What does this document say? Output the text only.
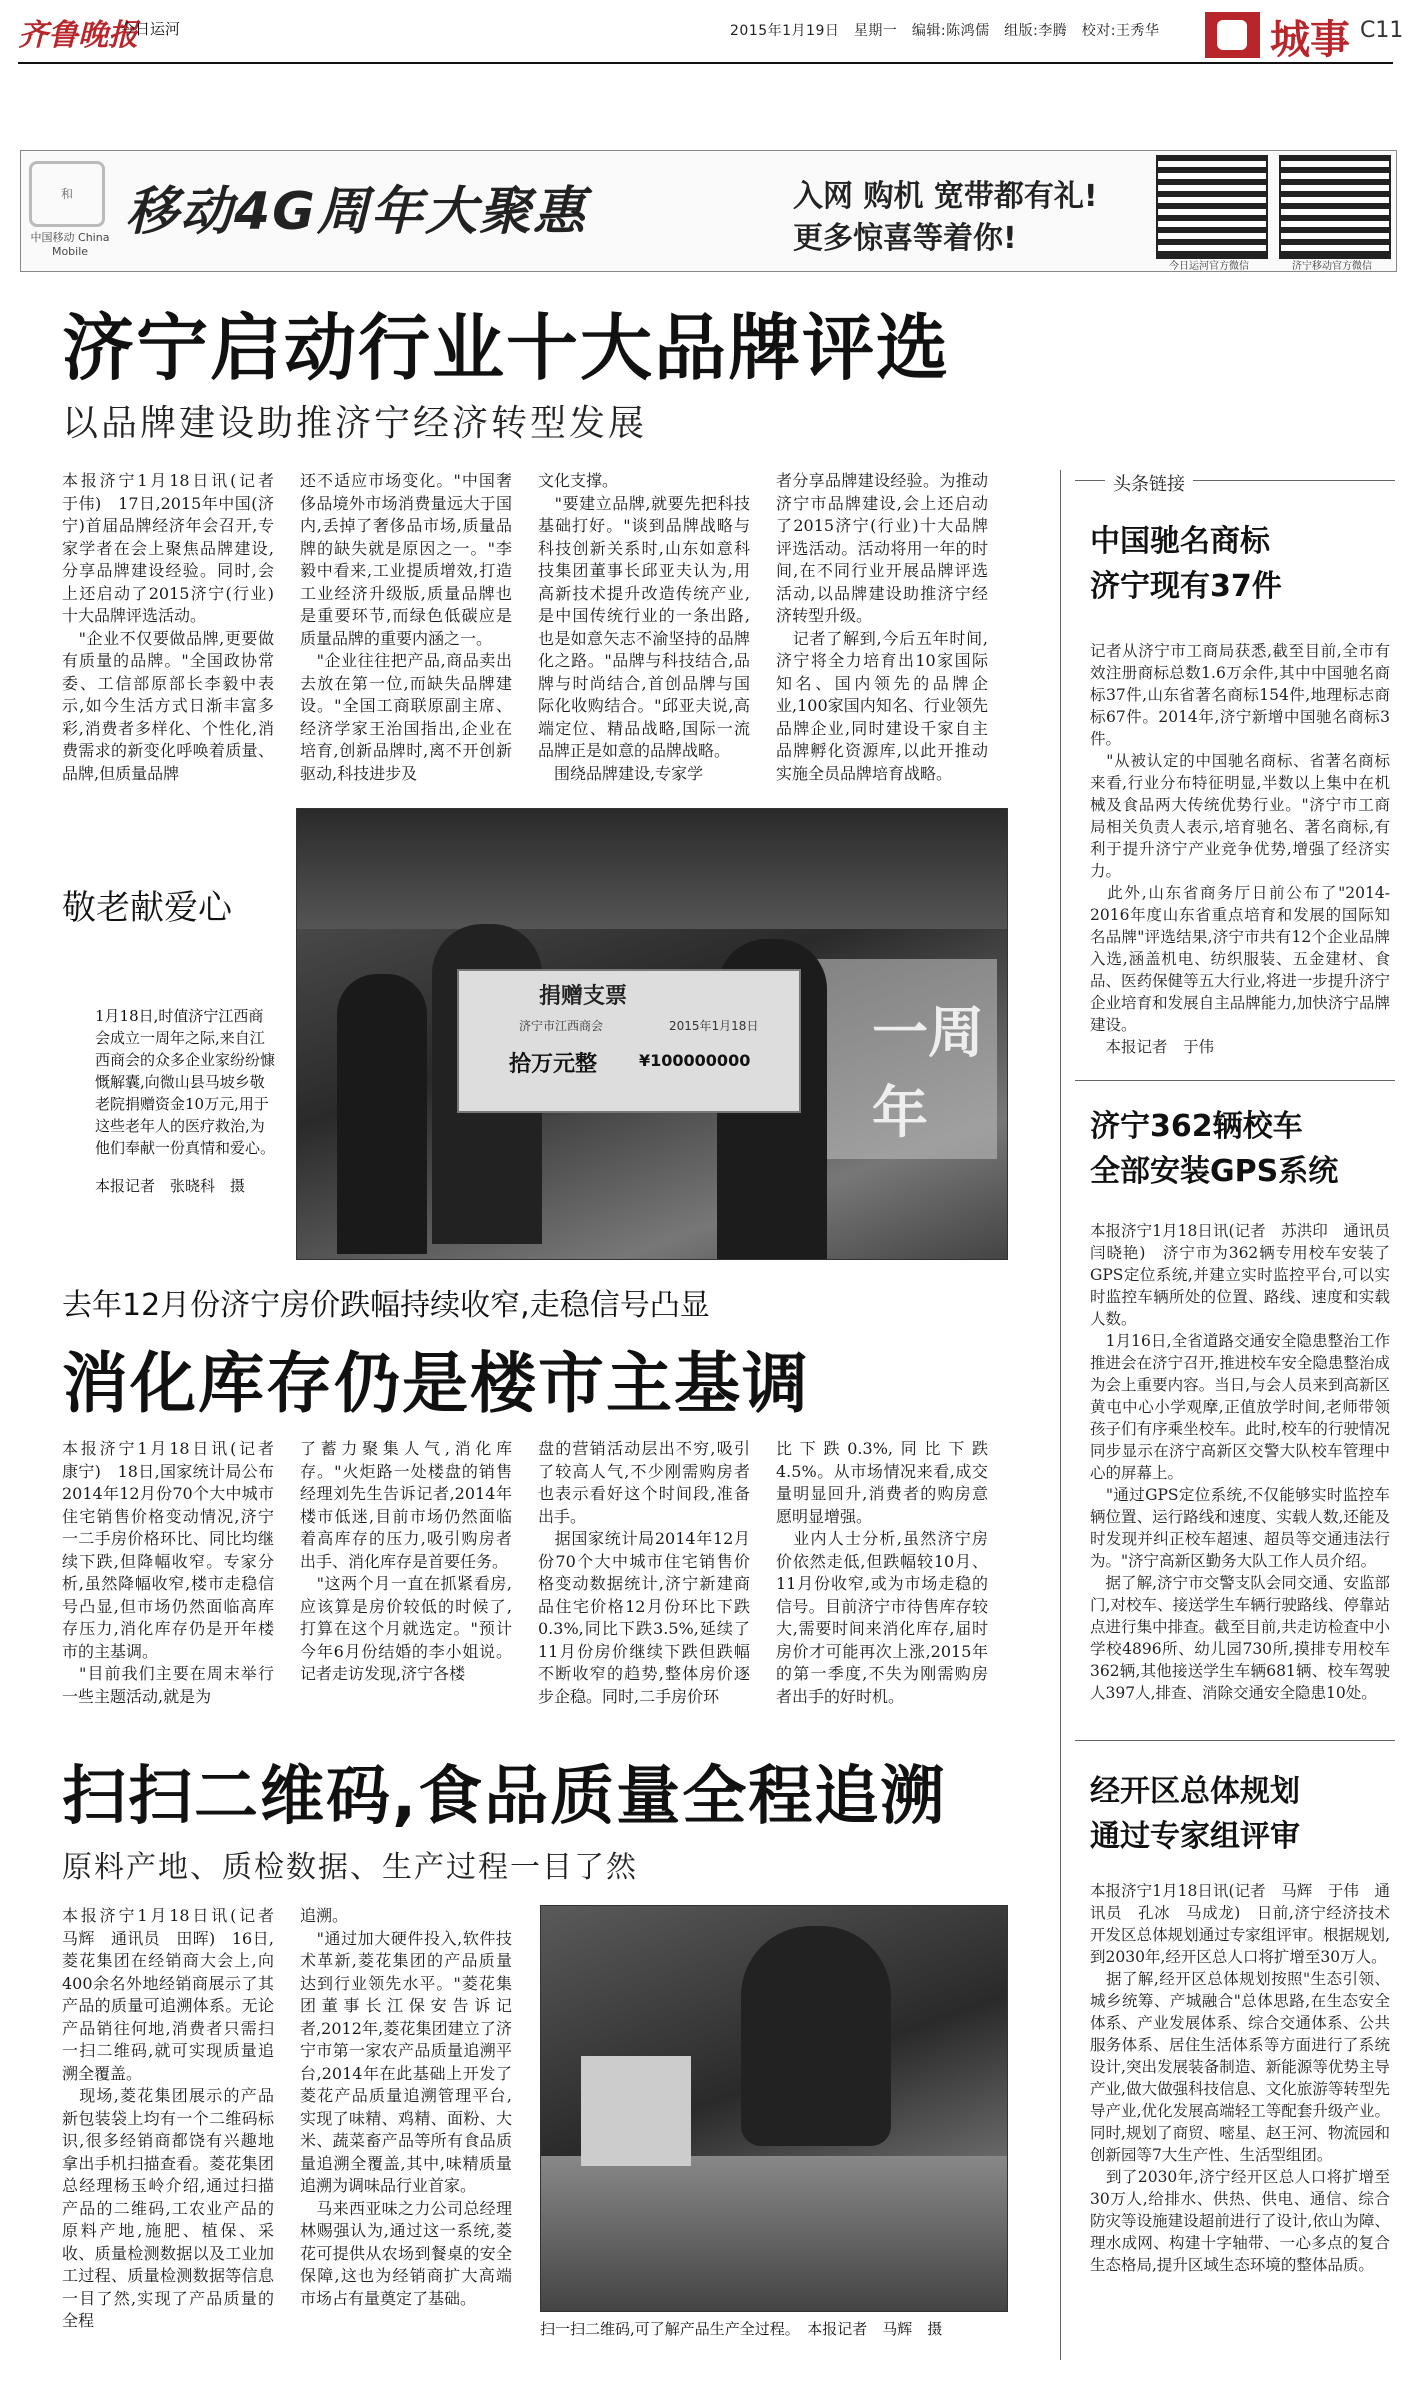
齐鲁晚报
今日运河	2015年1月19日　星期一　编辑:陈鸿儒　组版:李腾　校对:王秀华	城事 C11
和
中国移动 China Mobile
移动4G周年大聚惠	入网 购机 宽带都有礼!
更多惊喜等着你!
今日运河官方微信	济宁移动官方微信
济宁启动行业十大品牌评选
以品牌建设助推济宁经济转型发展
本报济宁1月18日讯(记者　于伟)　17日,2015年中国(济宁)首届品牌经济年会召开,专家学者在会上聚焦品牌建设,分享品牌建设经验。同时,会上还启动了2015济宁(行业)十大品牌评选活动。
　"企业不仅要做品牌,更要做有质量的品牌。"全国政协常委、工信部原部长李毅中表示,如今生活方式日渐丰富多彩,消费者多样化、个性化,消费需求的新变化呼唤着质量、品牌,但质量品牌
还不适应市场变化。"中国奢侈品境外市场消费量远大于国内,丢掉了奢侈品市场,质量品牌的缺失就是原因之一。"李毅中看来,工业提质增效,打造工业经济升级版,质量品牌也是重要环节,而绿色低碳应是质量品牌的重要内涵之一。
　"企业往往把产品,商品卖出去放在第一位,而缺失品牌建设。"全国工商联原副主席、经济学家王治国指出,企业在培育,创新品牌时,离不开创新驱动,科技进步及
文化支撑。
　"要建立品牌,就要先把科技基础打好。"谈到品牌战略与科技创新关系时,山东如意科技集团董事长邱亚夫认为,用高新技术提升改造传统产业,是中国传统行业的一条出路,也是如意矢志不渝坚持的品牌化之路。"品牌与科技结合,品牌与时尚结合,首创品牌与国际化收购结合。"邱亚夫说,高端定位、精品战略,国际一流品牌正是如意的品牌战略。
　围绕品牌建设,专家学
者分享品牌建设经验。为推动济宁市品牌建设,会上还启动了2015济宁(行业)十大品牌评选活动。活动将用一年的时间,在不同行业开展品牌评选活动,以品牌建设助推济宁经济转型升级。
　记者了解到,今后五年时间,济宁将全力培育出10家国际知名、国内领先的品牌企业,100家国内知名、行业领先品牌企业,同时建设千家自主品牌孵化资源库,以此开推动实施全员品牌培育战略。
敬老献爱心
1月18日,时值济宁江西商会成立一周年之际,来自江西商会的众多企业家纷纷慷慨解囊,向微山县马坡乡敬老院捐赠资金10万元,用于这些老年人的医疗救治,为他们奉献一份真情和爱心。
本报记者　张晓科　摄
一周年
捐赠支票
济宁市江西商会	2015年1月18日
拾万元整	¥100000000
去年12月份济宁房价跌幅持续收窄,走稳信号凸显
消化库存仍是楼市主基调
本报济宁1月18日讯(记者　康宁)　18日,国家统计局公布2014年12月份70个大中城市住宅销售价格变动情况,济宁一二手房价格环比、同比均继续下跌,但降幅收窄。专家分析,虽然降幅收窄,楼市走稳信号凸显,但市场仍然面临高库存压力,消化库存仍是开年楼市的主基调。
　"目前我们主要在周末举行一些主题活动,就是为
了蓄力聚集人气,消化库存。"火炬路一处楼盘的销售经理刘先生告诉记者,2014年楼市低迷,目前市场仍然面临着高库存的压力,吸引购房者出手、消化库存是首要任务。
　"这两个月一直在抓紧看房,应该算是房价较低的时候了,打算在这个月就选定。"预计今年6月份结婚的李小姐说。记者走访发现,济宁各楼
盘的营销活动层出不穷,吸引了较高人气,不少刚需购房者也表示看好这个时间段,准备出手。
　据国家统计局2014年12月份70个大中城市住宅销售价格变动数据统计,济宁新建商品住宅价格12月份环比下跌0.3%,同比下跌3.5%,延续了11月份房价继续下跌但跌幅不断收窄的趋势,整体房价逐步企稳。同时,二手房价环
比下跌0.3%,同比下跌4.5%。从市场情况来看,成交量明显回升,消费者的购房意愿明显增强。
　业内人士分析,虽然济宁房价依然走低,但跌幅较10月、11月份收窄,或为市场走稳的信号。目前济宁市待售库存较大,需要时间来消化库存,届时房价才可能再次上涨,2015年的第一季度,不失为刚需购房者出手的好时机。
扫扫二维码,食品质量全程追溯
原料产地、质检数据、生产过程一目了然
本报济宁1月18日讯(记者　马辉　通讯员　田晖)　16日,菱花集团在经销商大会上,向400余名外地经销商展示了其产品的质量可追溯体系。无论产品销往何地,消费者只需扫一扫二维码,就可实现质量追溯全覆盖。
　现场,菱花集团展示的产品新包装袋上均有一个二维码标识,很多经销商都饶有兴趣地拿出手机扫描查看。菱花集团总经理杨玉岭介绍,通过扫描产品的二维码,工农业产品的原料产地,施肥、植保、采收、质量检测数据以及工业加工过程、质量检测数据等信息一目了然,实现了产品质量的全程
追溯。
　"通过加大硬件投入,软件技术革新,菱花集团的产品质量达到行业领先水平。"菱花集团董事长江保安告诉记者,2012年,菱花集团建立了济宁市第一家农产品质量追溯平台,2014年在此基础上开发了菱花产品质量追溯管理平台,实现了味精、鸡精、面粉、大米、蔬菜畜产品等所有食品质量追溯全覆盖,其中,味精质量追溯为调味品行业首家。
　马来西亚味之力公司总经理林赐强认为,通过这一系统,菱花可提供从农场到餐桌的安全保障,这也为经销商扩大高端市场占有量奠定了基础。
扫一扫二维码,可了解产品生产全过程。　本报记者　马辉　摄
头条链接
中国驰名商标
济宁现有37件
记者从济宁市工商局获悉,截至目前,全市有效注册商标总数1.6万余件,其中中国驰名商标37件,山东省著名商标154件,地理标志商标67件。2014年,济宁新增中国驰名商标3件。
　"从被认定的中国驰名商标、省著名商标来看,行业分布特征明显,半数以上集中在机械及食品两大传统优势行业。"济宁市工商局相关负责人表示,培育驰名、著名商标,有利于提升济宁产业竞争优势,增强了经济实力。
　此外,山东省商务厅日前公布了"2014-2016年度山东省重点培育和发展的国际知名品牌"评选结果,济宁市共有12个企业品牌入选,涵盖机电、纺织服装、五金建材、食品、医药保健等五大行业,将进一步提升济宁企业培育和发展自主品牌能力,加快济宁品牌建设。
　本报记者　于伟
济宁362辆校车
全部安装GPS系统
本报济宁1月18日讯(记者　苏洪印　通讯员　闫晓艳)　济宁市为362辆专用校车安装了GPS定位系统,并建立实时监控平台,可以实时监控车辆所处的位置、路线、速度和实载人数。
　1月16日,全省道路交通安全隐患整治工作推进会在济宁召开,推进校车安全隐患整治成为会上重要内容。当日,与会人员来到高新区黄屯中心小学观摩,正值放学时间,老师带领孩子们有序乘坐校车。此时,校车的行驶情况同步显示在济宁高新区交警大队校车管理中心的屏幕上。
　"通过GPS定位系统,不仅能够实时监控车辆位置、运行路线和速度、实载人数,还能及时发现并纠正校车超速、超员等交通违法行为。"济宁高新区勤务大队工作人员介绍。
　据了解,济宁市交警支队会同交通、安监部门,对校车、接送学生车辆行驶路线、停靠站点进行集中排查。截至目前,共走访检查中小学校4896所、幼儿园730所,摸排专用校车362辆,其他接送学生车辆681辆、校车驾驶人397人,排查、消除交通安全隐患10处。
经开区总体规划
通过专家组评审
本报济宁1月18日讯(记者　马辉　于伟　通讯员　孔冰　马成龙)　日前,济宁经济技术开发区总体规划通过专家组评审。根据规划,到2030年,经开区总人口将扩增至30万人。
　据了解,经开区总体规划按照"生态引领、城乡统筹、产城融合"总体思路,在生态安全体系、产业发展体系、综合交通体系、公共服务体系、居住生活体系等方面进行了系统设计,突出发展装备制造、新能源等优势主导产业,做大做强科技信息、文化旅游等转型先导产业,优化发展高端轻工等配套升级产业。同时,规划了商贸、嘧星、赵王河、物流园和创新园等7大生产性、生活型组团。
　到了2030年,济宁经开区总人口将扩增至30万人,给排水、供热、供电、通信、综合防灾等设施建设超前进行了设计,依山为障、理水成网、构建十字轴带、一心多点的复合生态格局,提升区域生态环境的整体品质。
